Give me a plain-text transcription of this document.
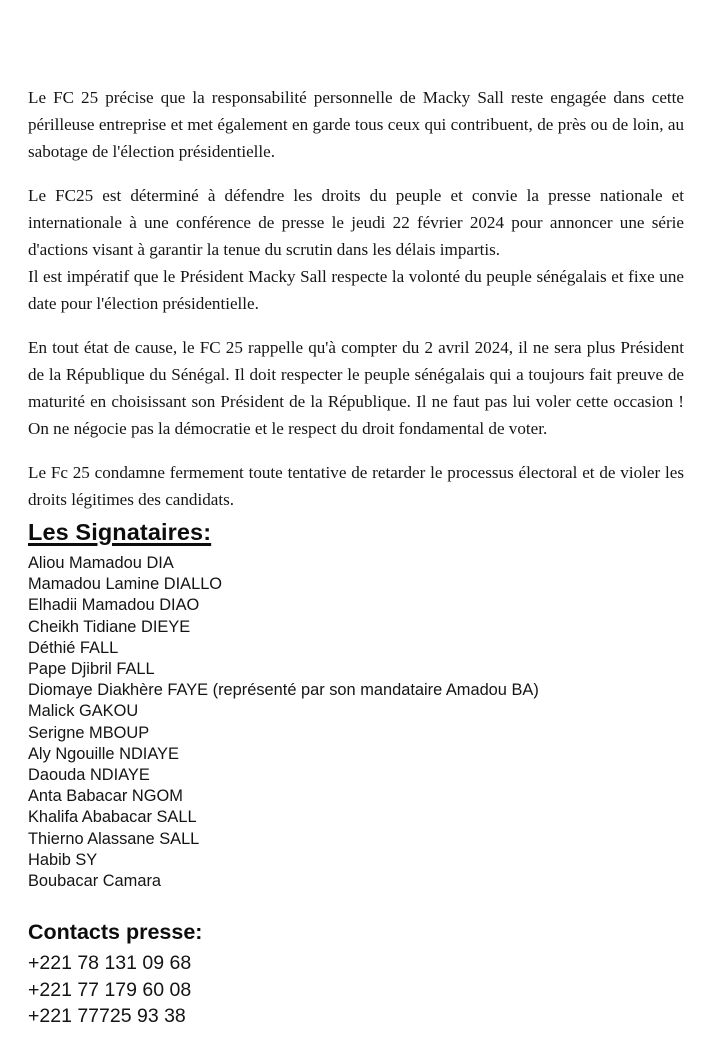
Le FC 25 précise que la responsabilité personnelle de Macky Sall reste engagée dans cette périlleuse entreprise et met également en garde tous ceux qui contribuent, de près ou de loin, au sabotage de l'élection présidentielle.

Le FC25 est déterminé à défendre les droits du peuple et convie la presse nationale et internationale à une conférence de presse le jeudi 22 février 2024 pour annoncer une série d'actions visant à garantir la tenue du scrutin dans les délais impartis.

Il est impératif que le Président Macky Sall respecte la volonté du peuple sénégalais et fixe une date pour l'élection présidentielle.

En tout état de cause, le FC 25 rappelle qu'à compter du 2 avril 2024, il ne sera plus Président de la République du Sénégal. Il doit respecter le peuple sénégalais qui a toujours fait preuve de maturité en choisissant son Président de la République. Il ne faut pas lui voler cette occasion ! On ne négocie pas la démocratie et le respect du droit fondamental de voter.

Le Fc 25 condamne fermement toute tentative de retarder le processus électoral et de violer les droits légitimes des candidats.

Les Signataires:
Aliou Mamadou DIA
Mamadou Lamine DIALLO
Elhadii Mamadou DIAO
Cheikh Tidiane DIEYE
Déthié FALL
Pape Djibril FALL
Diomaye Diakhère FAYE (représenté par son mandataire Amadou BA)
Malick GAKOU
Serigne MBOUP
Aly Ngouille NDIAYE
Daouda NDIAYE
Anta Babacar NGOM
Khalifa Ababacar SALL
Thierno Alassane SALL
Habib SY
Boubacar Camara
Contacts presse:
+221 78 131 09 68
+221 77 179 60 08
+221 77725 93 38
